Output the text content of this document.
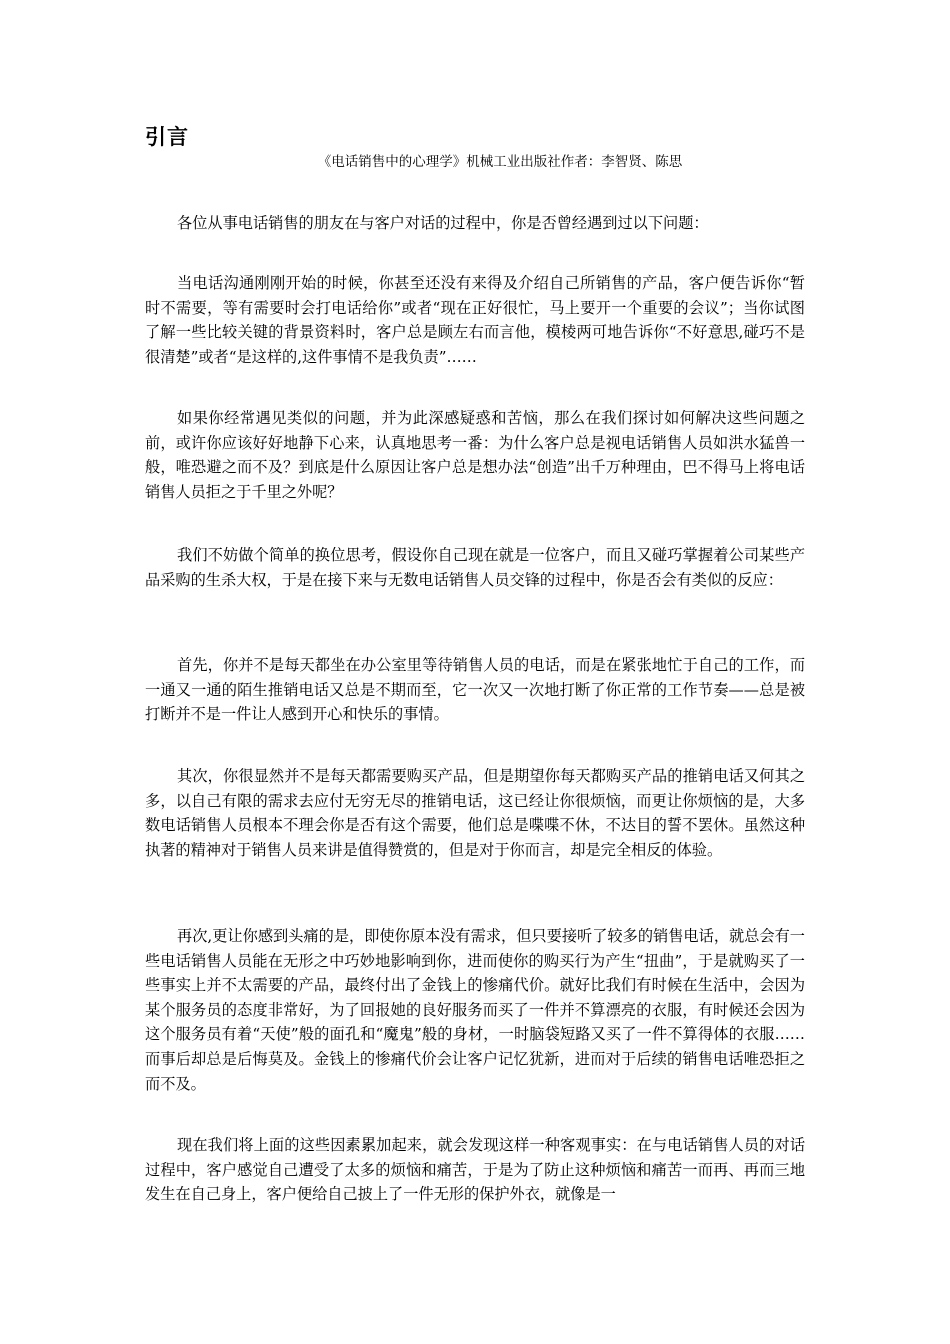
引言

《电话销售中的心理学》机械工业出版社作者：李智贤、陈思

各位从事电话销售的朋友在与客户对话的过程中，你是否曾经遇到过以下问题：

当电话沟通刚刚开始的时候，你甚至还没有来得及介绍自己所销售的产品，客户便告诉你“暂时不需要，等有需要时会打电话给你”或者“现在正好很忙，马上要开一个重要的会议”；当你试图了解一些比较关键的背景资料时，客户总是顾左右而言他，模棱两可地告诉你“不好意思,碰巧不是很清楚”或者“是这样的,这件事情不是我负责”……

如果你经常遇见类似的问题，并为此深感疑惑和苦恼，那么在我们探讨如何解决这些问题之前，或许你应该好好地静下心来，认真地思考一番：为什么客户总是视电话销售人员如洪水猛兽一般，唯恐避之而不及？到底是什么原因让客户总是想办法“创造”出千万种理由，巴不得马上将电话销售人员拒之于千里之外呢？

我们不妨做个简单的换位思考，假设你自己现在就是一位客户，而且又碰巧掌握着公司某些产品采购的生杀大权，于是在接下来与无数电话销售人员交锋的过程中，你是否会有类似的反应：

首先，你并不是每天都坐在办公室里等待销售人员的电话，而是在紧张地忙于自己的工作，而一通又一通的陌生推销电话又总是不期而至，它一次又一次地打断了你正常的工作节奏——总是被打断并不是一件让人感到开心和快乐的事情。

其次，你很显然并不是每天都需要购买产品，但是期望你每天都购买产品的推销电话又何其之多，以自己有限的需求去应付无穷无尽的推销电话，这已经让你很烦恼，而更让你烦恼的是，大多数电话销售人员根本不理会你是否有这个需要，他们总是喋喋不休，不达目的誓不罢休。虽然这种执著的精神对于销售人员来讲是值得赞赏的，但是对于你而言，却是完全相反的体验。

再次,更让你感到头痛的是，即使你原本没有需求，但只要接听了较多的销售电话，就总会有一些电话销售人员能在无形之中巧妙地影响到你，进而使你的购买行为产生“扭曲”，于是就购买了一些事实上并不太需要的产品，最终付出了金钱上的惨痛代价。就好比我们有时候在生活中，会因为某个服务员的态度非常好，为了回报她的良好服务而买了一件并不算漂亮的衣服，有时候还会因为这个服务员有着“天使”般的面孔和“魔鬼”般的身材，一时脑袋短路又买了一件不算得体的衣服……而事后却总是后悔莫及。金钱上的惨痛代价会让客户记忆犹新，进而对于后续的销售电话唯恐拒之而不及。

现在我们将上面的这些因素累加起来，就会发现这样一种客观事实：在与电话销售人员的对话过程中，客户感觉自己遭受了太多的烦恼和痛苦，于是为了防止这种烦恼和痛苦一而再、再而三地发生在自己身上，客户便给自己披上了一件无形的保护外衣，就像是一
